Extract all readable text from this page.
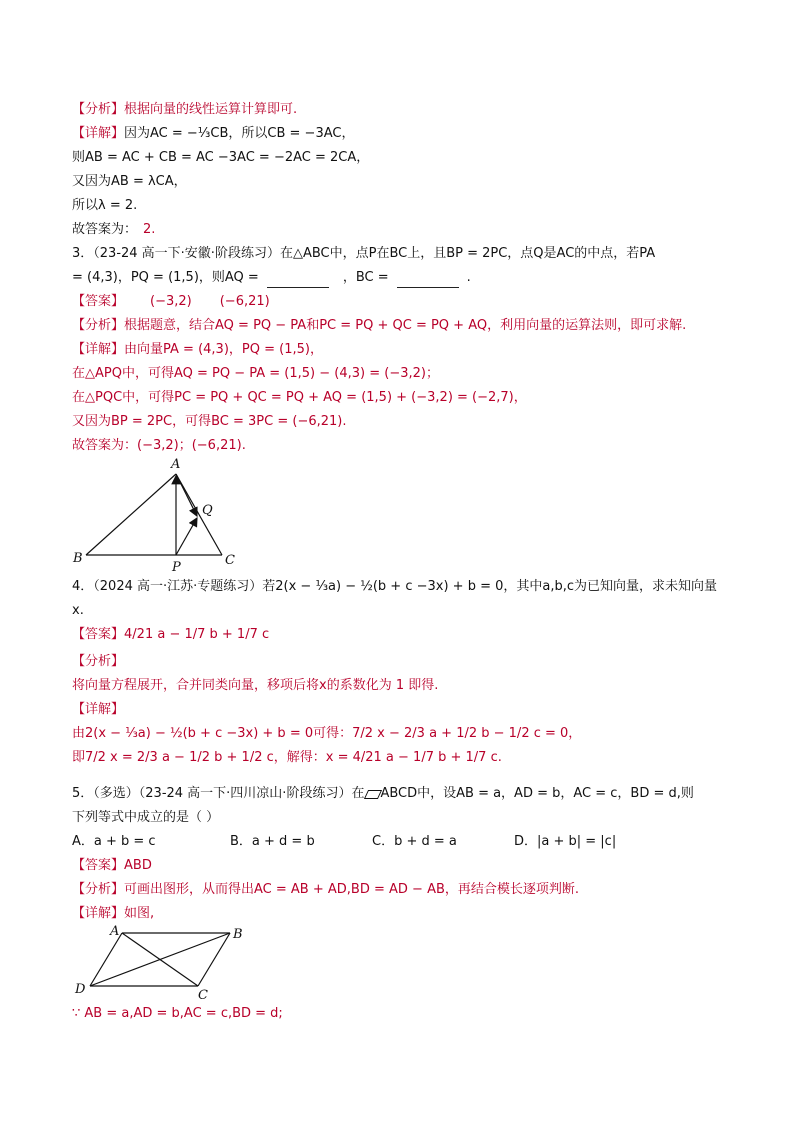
【分析】根据向量的线性运算计算即可.
【详解】因为AC = −⅓CB，所以CB = −3AC，
则AB = AC + CB = AC −3AC = −2AC = 2CA，
又因为AB = λCA，
所以λ = 2.
故答案为： 2.
3．（23-24 高一下·安徽·阶段练习）在△ABC中，点P在BC上，且BP = 2PC，点Q是AC的中点，若PA
= (4,3)，PQ = (1,5)，则AQ =	，BC =	.
【答案】 (−3,2) (−6,21)
【分析】根据题意，结合AQ = PQ − PA和PC = PQ + QC = PQ + AQ，利用向量的运算法则，即可求解.
【详解】由向量PA = (4,3)，PQ = (1,5)，
在△APQ中，可得AQ = PQ − PA = (1,5) − (4,3) = (−3,2)；
在△PQC中，可得PC = PQ + QC = PQ + AQ = (1,5) + (−3,2) = (−2,7)，
又因为BP = 2PC，可得BC = 3PC = (−6,21).
故答案为：(−3,2)；(−6,21).
A
B	C
P
Q
4．（2024 高一·江苏·专题练习）若2(x − ⅓a) − ½(b + c −3x) + b = 0，其中a,b,c为已知向量，求未知向量
x.
【答案】4/21 a − 1/7 b + 1/7 c
【分析】
将向量方程展开，合并同类向量，移项后将x的系数化为 1 即得.
【详解】
由2(x − ⅓a) − ½(b + c −3x) + b = 0可得：7/2 x − 2/3 a + 1/2 b − 1/2 c = 0，
即7/2 x = 2/3 a − 1/2 b + 1/2 c，解得：x = 4/21 a − 1/7 b + 1/7 c.
5．（多选）（23-24 高一下·四川凉山·阶段练习）在 ABCD中，设AB = a，AD = b，AC = c，BD = d,则
下列等式中成立的是（ ）
A．a + b = c	B．a + d = b	C．b + d = a	D．|a + b| = |c|
【答案】ABD
【分析】可画出图形，从而得出AC = AB + AD,BD = AD − AB，再结合模长逐项判断.
【详解】如图,
A	B
C
D
∵ AB = a,AD = b,AC = c,BD = d;
